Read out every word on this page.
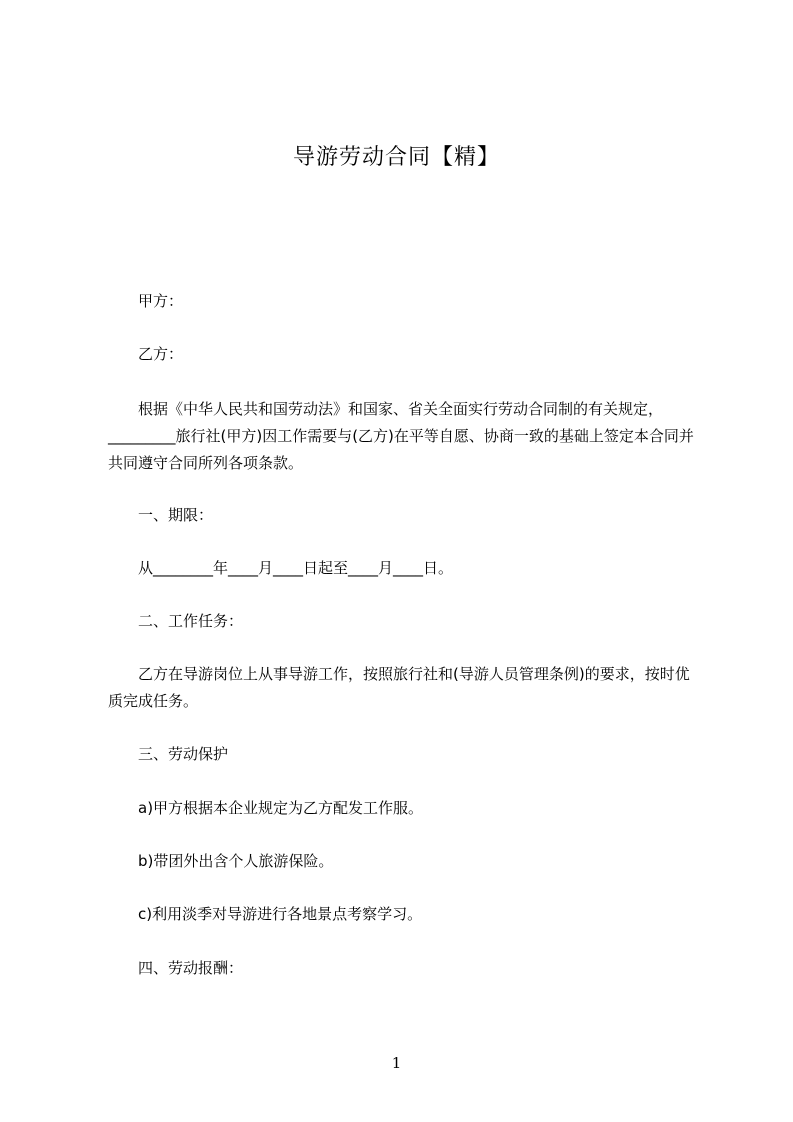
导游劳动合同【精】
甲方：
乙方：
根据《中华人民共和国劳动法》和国家、省关全面实行劳动合同制的有关规定，_________旅行社(甲方)因工作需要与(乙方)在平等自愿、协商一致的基础上签定本合同并共同遵守合同所列各项条款。
一、期限：
从________年____月____日起至____月____日。
二、工作任务：
乙方在导游岗位上从事导游工作，按照旅行社和(导游人员管理条例)的要求，按时优质完成任务。
三、劳动保护
a)甲方根据本企业规定为乙方配发工作服。
b)带团外出含个人旅游保险。
c)利用淡季对导游进行各地景点考察学习。
四、劳动报酬：
1
